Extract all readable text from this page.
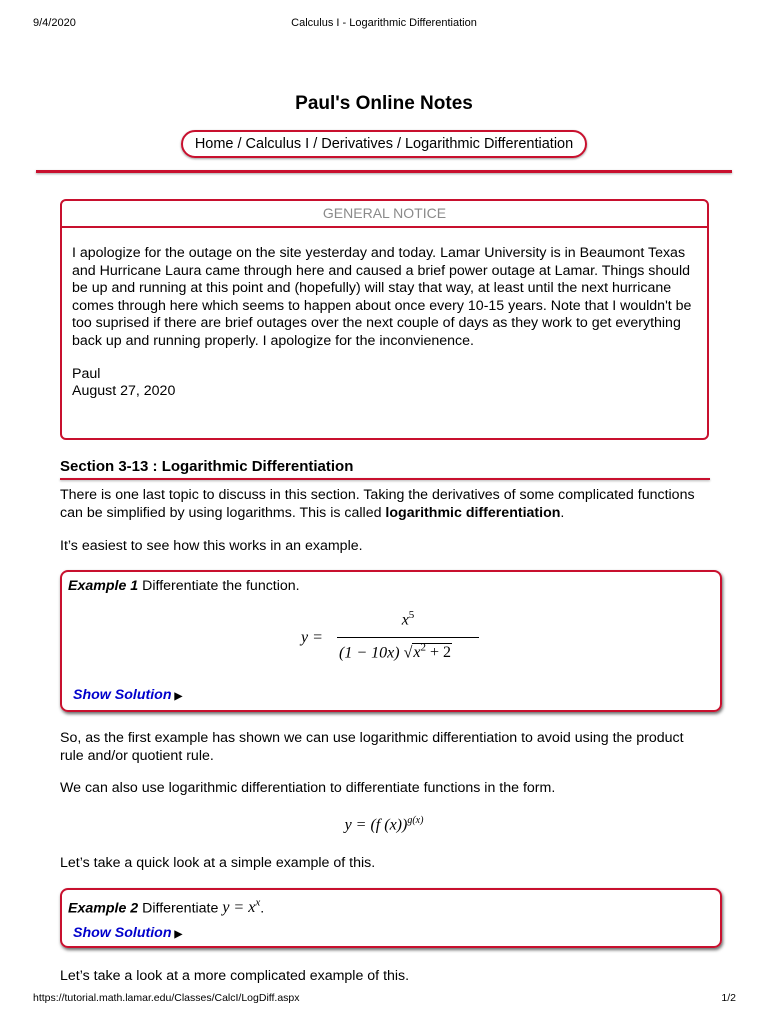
9/4/2020	Calculus I - Logarithmic Differentiation
Paul's Online Notes
Home / Calculus I / Derivatives / Logarithmic Differentiation
GENERAL NOTICE

I apologize for the outage on the site yesterday and today. Lamar University is in Beaumont Texas and Hurricane Laura came through here and caused a brief power outage at Lamar. Things should be up and running at this point and (hopefully) will stay that way, at least until the next hurricane comes through here which seems to happen about once every 10-15 years. Note that I wouldn't be too suprised if there are brief outages over the next couple of days as they work to get everything back up and running properly. I apologize for the inconvienence.

Paul
August 27, 2020
Section 3-13 : Logarithmic Differentiation
There is one last topic to discuss in this section. Taking the derivatives of some complicated functions can be simplified by using logarithms. This is called logarithmic differentiation.
It’s easiest to see how this works in an example.
Example 1 Differentiate the function.
y =
$x^5$
(1 − 10x) $√x^2 + 2$
Show Solution ▶
So, as the first example has shown we can use logarithmic differentiation to avoid using the product rule and/or quotient rule.
We can also use logarithmic differentiation to differentiate functions in the form.
y = (f (x))$^{g(x)}$
Let’s take a quick look at a simple example of this.
Example 2 Differentiate $y = x^x$.
Show Solution ▶
Let’s take a look at a more complicated example of this.
https://tutorial.math.lamar.edu/Classes/CalcI/LogDiff.aspx	1/2
